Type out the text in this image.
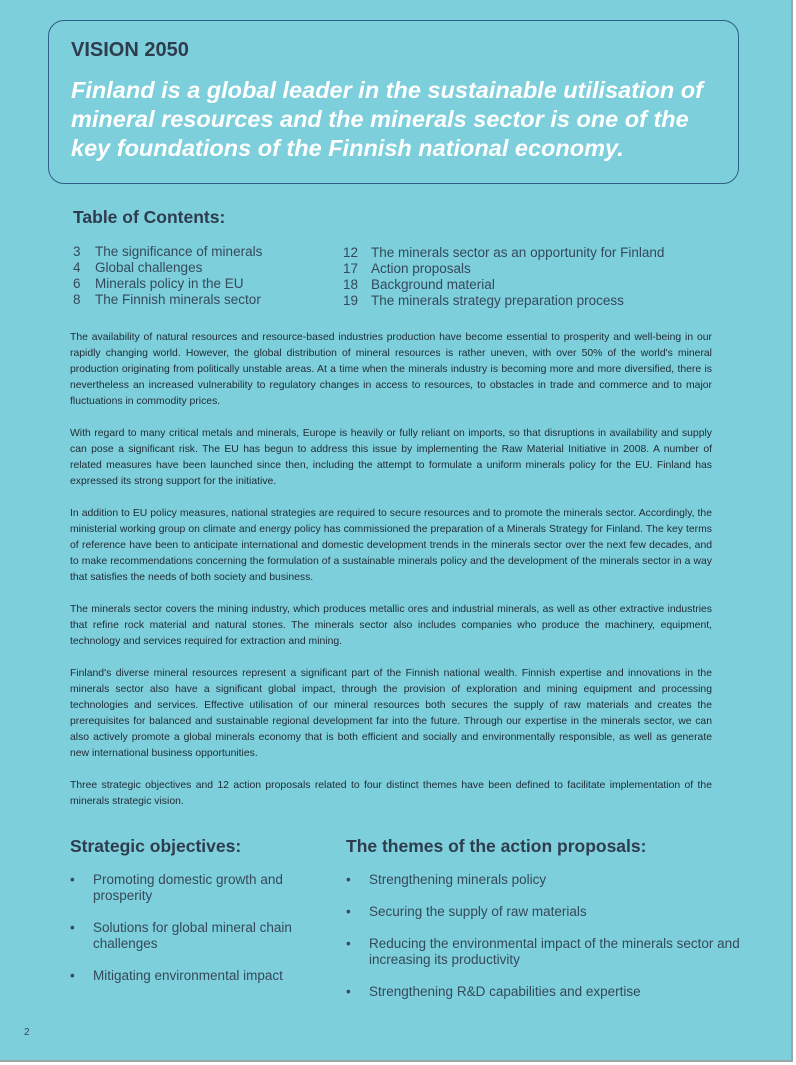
VISION 2050
Finland is a global leader in the sustainable utilisation of mineral resources and the minerals sector is one of the key foundations of the Finnish national economy.
Table of Contents:
3 The significance of minerals
4 Global challenges
6 Minerals policy in the EU
8 The Finnish minerals sector
12 The minerals sector as an opportunity for Finland
17 Action proposals
18 Background material
19 The minerals strategy preparation process

The availability of natural resources and resource-based industries production have become essential to prosperity and well-being in our rapidly changing world. However, the global distribution of mineral resources is rather uneven, with over 50% of the world's mineral production originating from politically unstable areas. At a time when the minerals industry is becoming more and more diversified, there is nevertheless an increased vulnerability to regulatory changes in access to resources, to obstacles in trade and commerce and to major fluctuations in commodity prices.

With regard to many critical metals and minerals, Europe is heavily or fully reliant on imports, so that disruptions in availability and supply can pose a significant risk. The EU has begun to address this issue by implementing the Raw Material Initiative in 2008. A number of related measures have been launched since then, including the attempt to formulate a uniform minerals policy for the EU. Finland has expressed its strong support for the initiative.

In addition to EU policy measures, national strategies are required to secure resources and to promote the minerals sector. Accordingly, the ministerial working group on climate and energy policy has commissioned the preparation of a Minerals Strategy for Finland. The key terms of reference have been to anticipate international and domestic development trends in the minerals sector over the next few decades, and to make recommendations concerning the formulation of a sustainable minerals policy and the development of the minerals sector in a way that satisfies the needs of both society and business.

The minerals sector covers the mining industry, which produces metallic ores and industrial minerals, as well as other extractive industries that refine rock material and natural stones. The minerals sector also includes companies who produce the machinery, equipment, technology and services required for extraction and mining.

Finland's diverse mineral resources represent a significant part of the Finnish national wealth. Finnish expertise and innovations in the minerals sector also have a significant global impact, through the provision of exploration and mining equipment and processing technologies and services. Effective utilisation of our mineral resources both secures the supply of raw materials and creates the prerequisites for balanced and sustainable regional development far into the future. Through our expertise in the minerals sector, we can also actively promote a global minerals economy that is both efficient and socially and environmentally responsible, as well as generate new international business opportunities.

Three strategic objectives and 12 action proposals related to four distinct themes have been defined to facilitate implementation of the minerals strategic vision.

Strategic objectives:
• Promoting domestic growth and prosperity
• Solutions for global mineral chain challenges
• Mitigating environmental impact
The themes of the action proposals:
• Strengthening minerals policy
• Securing the supply of raw materials
• Reducing the environmental impact of the minerals sector and increasing its productivity
• Strengthening R&D capabilities and expertise
2
